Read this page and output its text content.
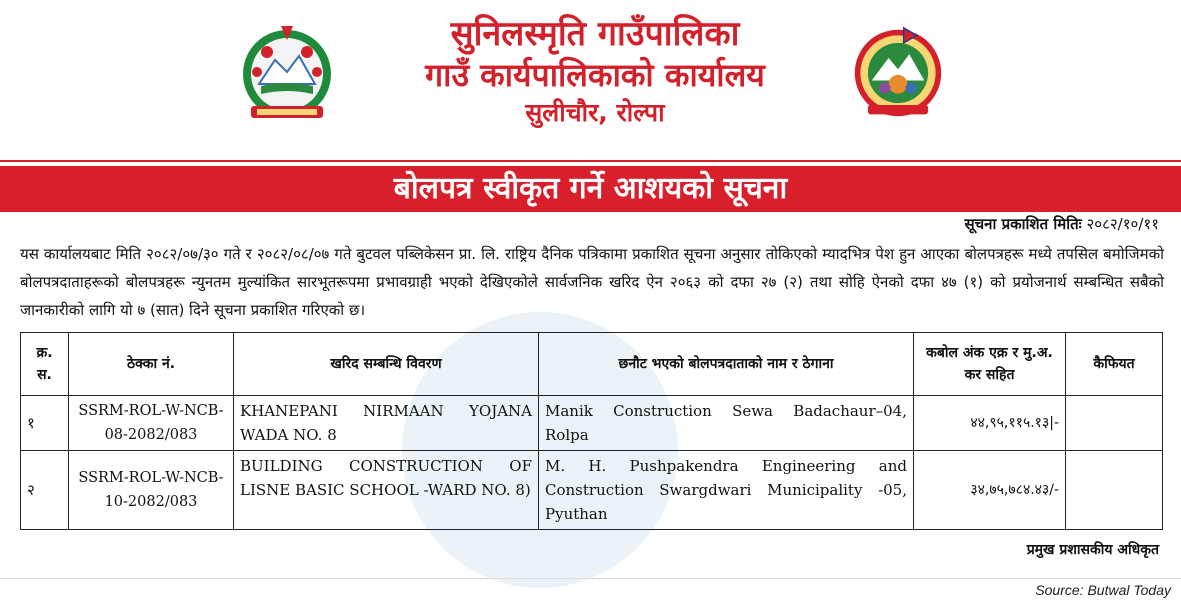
सुनिलस्मृति गाउँपालिका
गाउँ कार्यपालिकाको कार्यालय
सुलीचौर, रोल्पा
बोलपत्र स्वीकृत गर्ने आशयको सूचना
सूचना प्रकाशित मितिः २०८२/१०/११
यस कार्यालयबाट मिति २०८२/०७/३० गते र २०८२/०८/०७ गते बुटवल पब्लिकेसन प्रा. लि. राष्ट्रिय दैनिक पत्रिकामा प्रकाशित सूचना अनुसार तोकिएको म्यादभित्र पेश हुन आएका बोलपत्रहरू मध्ये तपसिल बमोजिमको बोलपत्रदाताहरूको बोलपत्रहरू न्युनतम मुल्यांकित सारभूतरूपमा प्रभावग्राही भएको देखिएकोले सार्वजनिक खरिद ऐन २०६३ को दफा २७ (२) तथा सोहि ऐनको दफा ४७ (१) को प्रयोजनार्थ सम्बन्धित सबैको जानकारीको लागि यो ७ (सात) दिने सूचना प्रकाशित गरिएको छ।
क्र. स.	ठेक्का नं.	खरिद सम्बन्धि विवरण	छनौट भएको बोलपत्रदाताको नाम र ठेगाना	कबोल अंक एक्र र मु.अ. कर सहित	कैफियत
१	SSRM-ROL-W-NCB-08-2082/083	KHANEPANI NIRMAAN YOJANA WADA NO. 8	Manik Construction Sewa Badachaur–04, Rolpa	४४,९५,११५.१३|-	
२	SSRM-ROL-W-NCB-10-2082/083	BUILDING CONSTRUCTION OF LISNE BASIC SCHOOL -WARD NO. 8)	M. H. Pushpakendra Engineering and Construction Swargdwari Municipality -05, Pyuthan	३४,७५,७८४.४३/-	
प्रमुख प्रशासकीय अधिकृत
Source: Butwal Today
